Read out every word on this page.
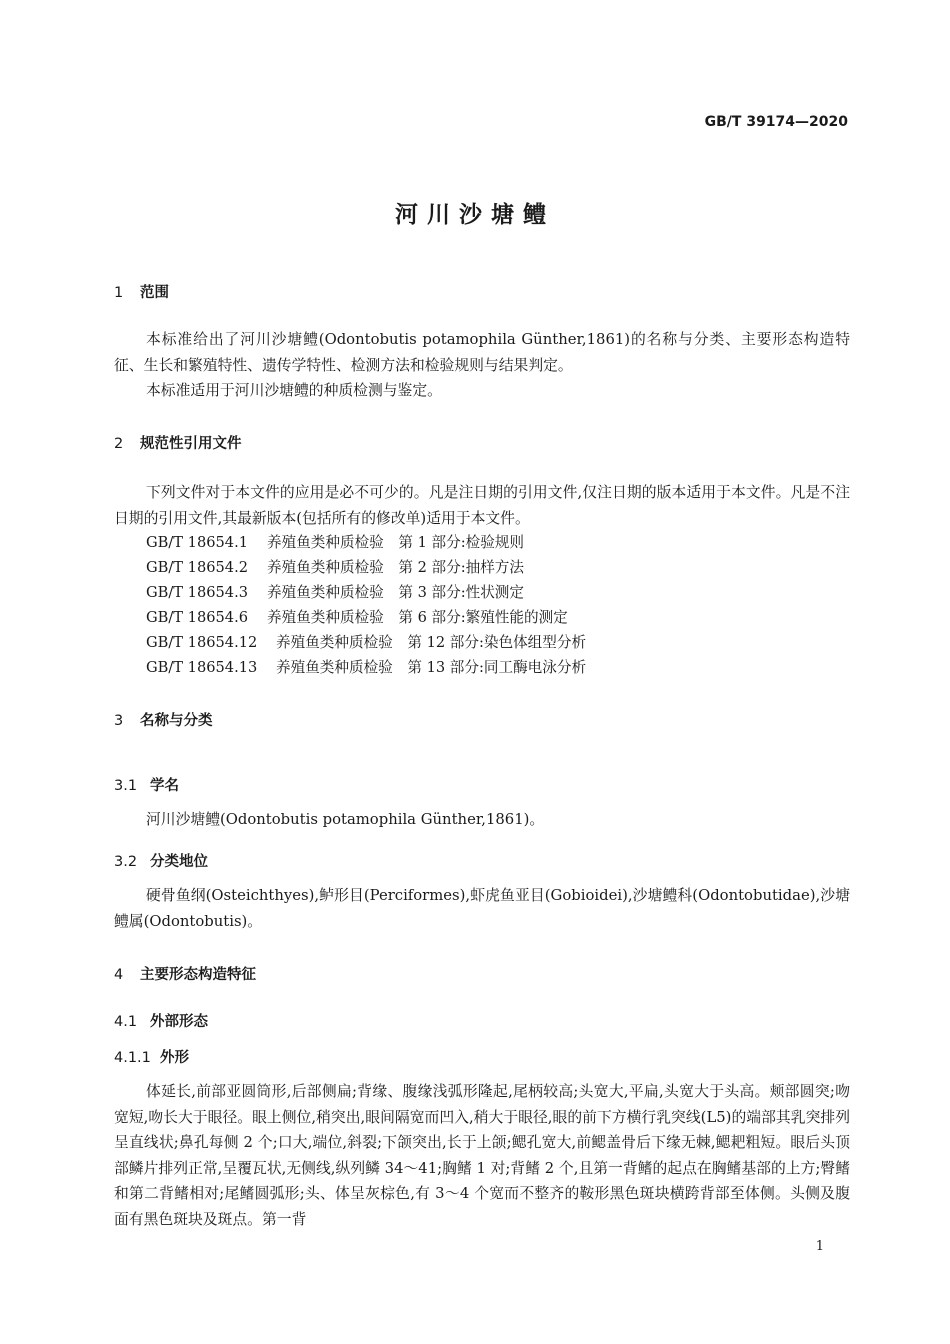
GB/T 39174—2020
河川沙塘鳢
1 范围

本标准给出了河川沙塘鳢(Odontobutis potamophila Günther,1861)的名称与分类、主要形态构造特征、生长和繁殖特性、遗传学特性、检测方法和检验规则与结果判定。

本标准适用于河川沙塘鳢的种质检测与鉴定。

2 规范性引用文件

下列文件对于本文件的应用是必不可少的。凡是注日期的引用文件,仅注日期的版本适用于本文件。凡是不注日期的引用文件,其最新版本(包括所有的修改单)适用于本文件。

GB/T 18654.1 养殖鱼类种质检验　第 1 部分:检验规则
GB/T 18654.2 养殖鱼类种质检验　第 2 部分:抽样方法
GB/T 18654.3 养殖鱼类种质检验　第 3 部分:性状测定
GB/T 18654.6 养殖鱼类种质检验　第 6 部分:繁殖性能的测定
GB/T 18654.12 养殖鱼类种质检验　第 12 部分:染色体组型分析
GB/T 18654.13 养殖鱼类种质检验　第 13 部分:同工酶电泳分析
3 名称与分类
3.1 学名

河川沙塘鳢(Odontobutis potamophila Günther,1861)。

3.2 分类地位

硬骨鱼纲(Osteichthyes),鲈形目(Perciformes),虾虎鱼亚目(Gobioidei),沙塘鳢科(Odontobutidae),沙塘鳢属(Odontobutis)。

4 主要形态构造特征
4.1 外部形态
4.1.1 外形

体延长,前部亚圆筒形,后部侧扁;背缘、腹缘浅弧形隆起,尾柄较高;头宽大,平扁,头宽大于头高。颊部圆突;吻宽短,吻长大于眼径。眼上侧位,稍突出,眼间隔宽而凹入,稍大于眼径,眼的前下方横行乳突线(L5)的端部其乳突排列呈直线状;鼻孔每侧 2 个;口大,端位,斜裂;下颌突出,长于上颌;鳃孔宽大,前鳃盖骨后下缘无棘,鳃耙粗短。眼后头顶部鳞片排列正常,呈覆瓦状,无侧线,纵列鳞 34～41;胸鳍 1 对;背鳍 2 个,且第一背鳍的起点在胸鳍基部的上方;臀鳍和第二背鳍相对;尾鳍圆弧形;头、体呈灰棕色,有 3～4 个宽而不整齐的鞍形黑色斑块横跨背部至体侧。头侧及腹面有黑色斑块及斑点。第一背

1
